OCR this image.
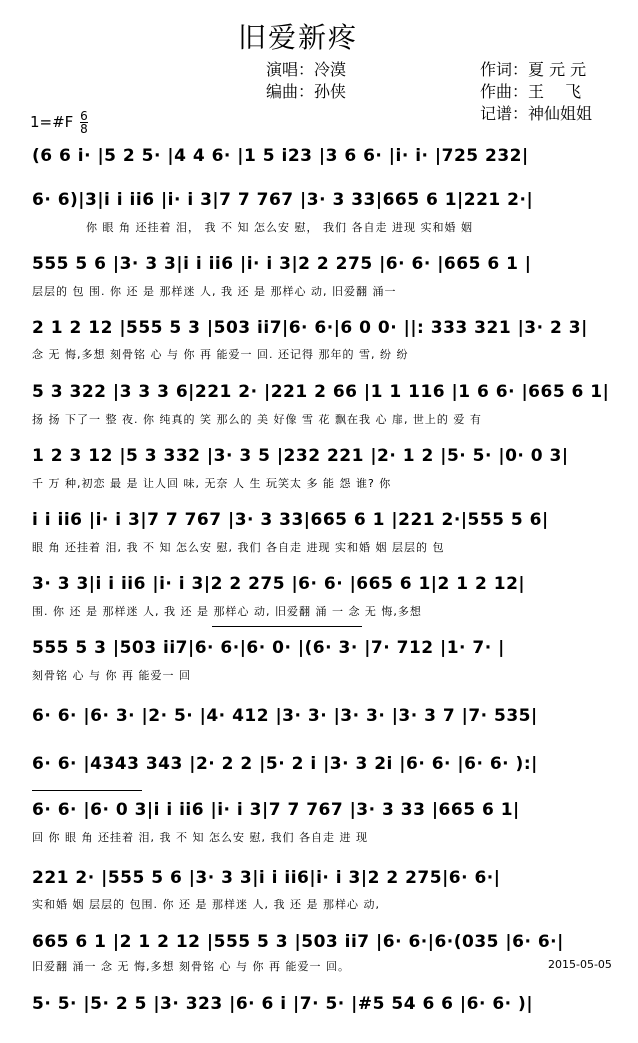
旧爱新疼
演唱：冷漠
编曲：孙侠
作词：夏 元 元
作曲：王　 飞
记谱：神仙姐姐
1=#F $\frac{6}{8}$
(6 6 i· |5 2 5· |4 4 6· |1 5 i23 |3 6 6· |i· i· |725 232|
6· 6)|3|i i ii6 |i· i 3|7 7 767 |3· 3 33|665 6 1|221 2·|
你 眼 角 还挂着 泪， 我 不 知 怎么安 慰， 我们 各自走 进现 实和婚 姻
555 5 6 |3· 3 3|i i ii6 |i· i 3|2 2 275 |6· 6· |665 6 1 |
层层的 包 围. 你 还 是 那样迷 人, 我 还 是 那样心 动, 旧爱翻 涌一
2 1 2 12 |555 5 3 |503 ii7|6· 6·|6 0 0· ||: 333 321 |3· 2 3|
念 无 悔,多想 刻骨铭 心 与 你 再 能爱一 回. 还记得 那年的 雪, 纷 纷
5 3 322 |3 3 3 6|221 2· |221 2 66 |1 1 116 |1 6 6· |665 6 1|
扬 扬 下了一 整 夜. 你 纯真的 笑 那么的 美 好像 雪 花 飘在我 心 扉, 世上的 爱 有
1 2 3 12 |5 3 332 |3· 3 5 |232 221 |2· 1 2 |5· 5· |0· 0 3|
千 万 种,初恋 最 是 让人回 味, 无奈 人 生 玩笑太 多 能 怨 谁? 你
i i ii6 |i· i 3|7 7 767 |3· 3 33|665 6 1 |221 2·|555 5 6|
眼 角 还挂着 泪, 我 不 知 怎么安 慰, 我们 各自走 进现 实和婚 姻 层层的 包
3· 3 3|i i ii6 |i· i 3|2 2 275 |6· 6· |665 6 1|2 1 2 12|
围. 你 还 是 那样迷 人, 我 还 是 那样心 动, 旧爱翻 涌 一 念 无 悔,多想
555 5 3 |503 ii7|6· 6·|6· 0· |(6· 3· |7· 712 |1· 7· |
刻骨铭 心 与 你 再 能爱一 回
6· 6· |6· 3· |2· 5· |4· 412 |3· 3· |3· 3· |3· 3 7 |7· 535|
6· 6· |4343 343 |2· 2 2 |5· 2 i |3· 3 2i |6· 6· |6· 6· ):|
6· 6· |6· 0 3|i i ii6 |i· i 3|7 7 767 |3· 3 33 |665 6 1|
回 你 眼 角 还挂着 泪, 我 不 知 怎么安 慰, 我们 各自走 进 现
221 2· |555 5 6 |3· 3 3|i i ii6|i· i 3|2 2 275|6· 6·|
实和婚 姻 层层的 包围. 你 还 是 那样迷 人, 我 还 是 那样心 动,
665 6 1 |2 1 2 12 |555 5 3 |503 ii7 |6· 6·|6·(035 |6· 6·|
旧爱翻 涌一 念 无 悔,多想 刻骨铭 心 与 你 再 能爱一 回。	2015-05-05
5· 5· |5· 2 5 |3· 323 |6· 6 i |7· 5· |#5 54 6 6 |6· 6· )|
